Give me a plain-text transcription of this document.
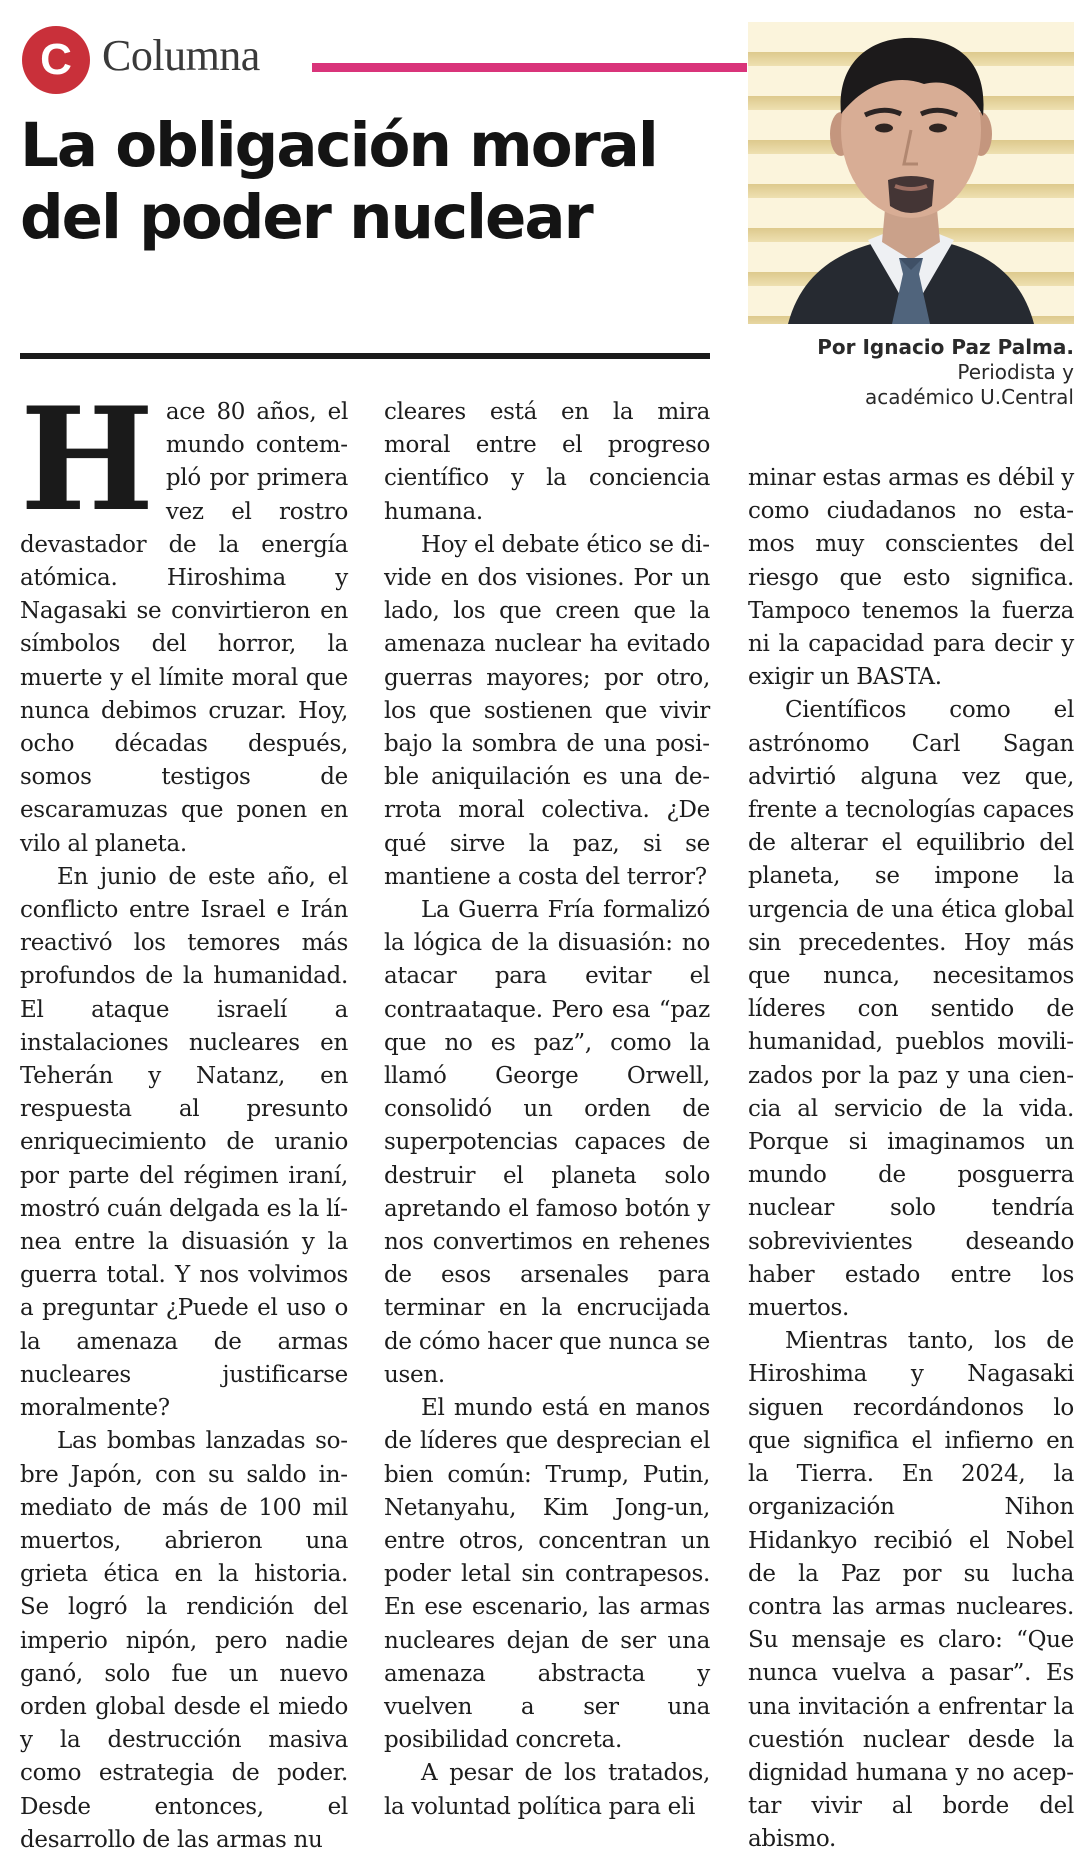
C Columna
La obligación moral del poder nuclear
Por Ignacio Paz Palma.
Periodista y
académico U.Central

Hace 80 años, el mundo contempló por primera vez el rostro devastador de la energía atómica. Hiroshima y Nagasaki se convirtieron en símbolos del horror, la muerte y el límite moral que nunca debimos cruzar. Hoy, ocho décadas después, somos testigos de escaramuzas que ponen en vilo al planeta.

En junio de este año, el conflicto entre Israel e Irán reactivó los temores más profundos de la humanidad. El ataque israelí a instalaciones nucleares en Teherán y Natanz, en respuesta al presunto enriquecimiento de uranio por parte del régimen iraní, mostró cuán delgada es la línea entre la disuasión y la guerra total. Y nos volvimos a preguntar ¿Puede el uso o la amenaza de armas nucleares justificarse moralmente?

Las bombas lanzadas sobre Japón, con su saldo inmediato de más de 100 mil muertos, abrieron una grieta ética en la historia. Se logró la rendición del imperio nipón, pero nadie ganó, solo fue un nuevo orden global desde el miedo y la destrucción masiva como estrategia de poder. Desde entonces, el desarrollo de las armas nu

cleares está en la mira moral entre el progreso científico y la conciencia humana.

Hoy el debate ético se divide en dos visiones. Por un lado, los que creen que la amenaza nuclear ha evitado guerras mayores; por otro, los que sostienen que vivir bajo la sombra de una posible aniquilación es una derrota moral colectiva. ¿De qué sirve la paz, si se mantiene a costa del terror?

La Guerra Fría formalizó la lógica de la disuasión: no atacar para evitar el contraataque. Pero esa “paz que no es paz”, como la llamó George Orwell, consolidó un orden de superpotencias capaces de destruir el planeta solo apretando el famoso botón y nos convertimos en rehenes de esos arsenales para terminar en la encrucijada de cómo hacer que nunca se usen.

El mundo está en manos de líderes que desprecian el bien común: Trump, Putin, Netanyahu, Kim Jong-un, entre otros, concentran un poder letal sin contrapesos. En ese escenario, las armas nucleares dejan de ser una amenaza abstracta y vuelven a ser una posibilidad concreta.

A pesar de los tratados, la voluntad política para eli

minar estas armas es débil y como ciudadanos no estamos muy conscientes del riesgo que esto significa. Tampoco tenemos la fuerza ni la capacidad para decir y exigir un BASTA.

Científicos como el astrónomo Carl Sagan advirtió alguna vez que, frente a tecnologías capaces de alterar el equilibrio del planeta, se impone la urgencia de una ética global sin precedentes. Hoy más que nunca, necesitamos líderes con sentido de humanidad, pueblos movilizados por la paz y una ciencia al servicio de la vida. Porque si imaginamos un mundo de posguerra nuclear solo tendría sobrevivientes deseando haber estado entre los muertos.

Mientras tanto, los de Hiroshima y Nagasaki siguen recordándonos lo que significa el infierno en la Tierra. En 2024, la organización Nihon Hidankyo recibió el Nobel de la Paz por su lucha contra las armas nucleares. Su mensaje es claro: “Que nunca vuelva a pasar”. Es una invitación a enfrentar la cuestión nuclear desde la dignidad humana y no aceptar vivir al borde del abismo.
